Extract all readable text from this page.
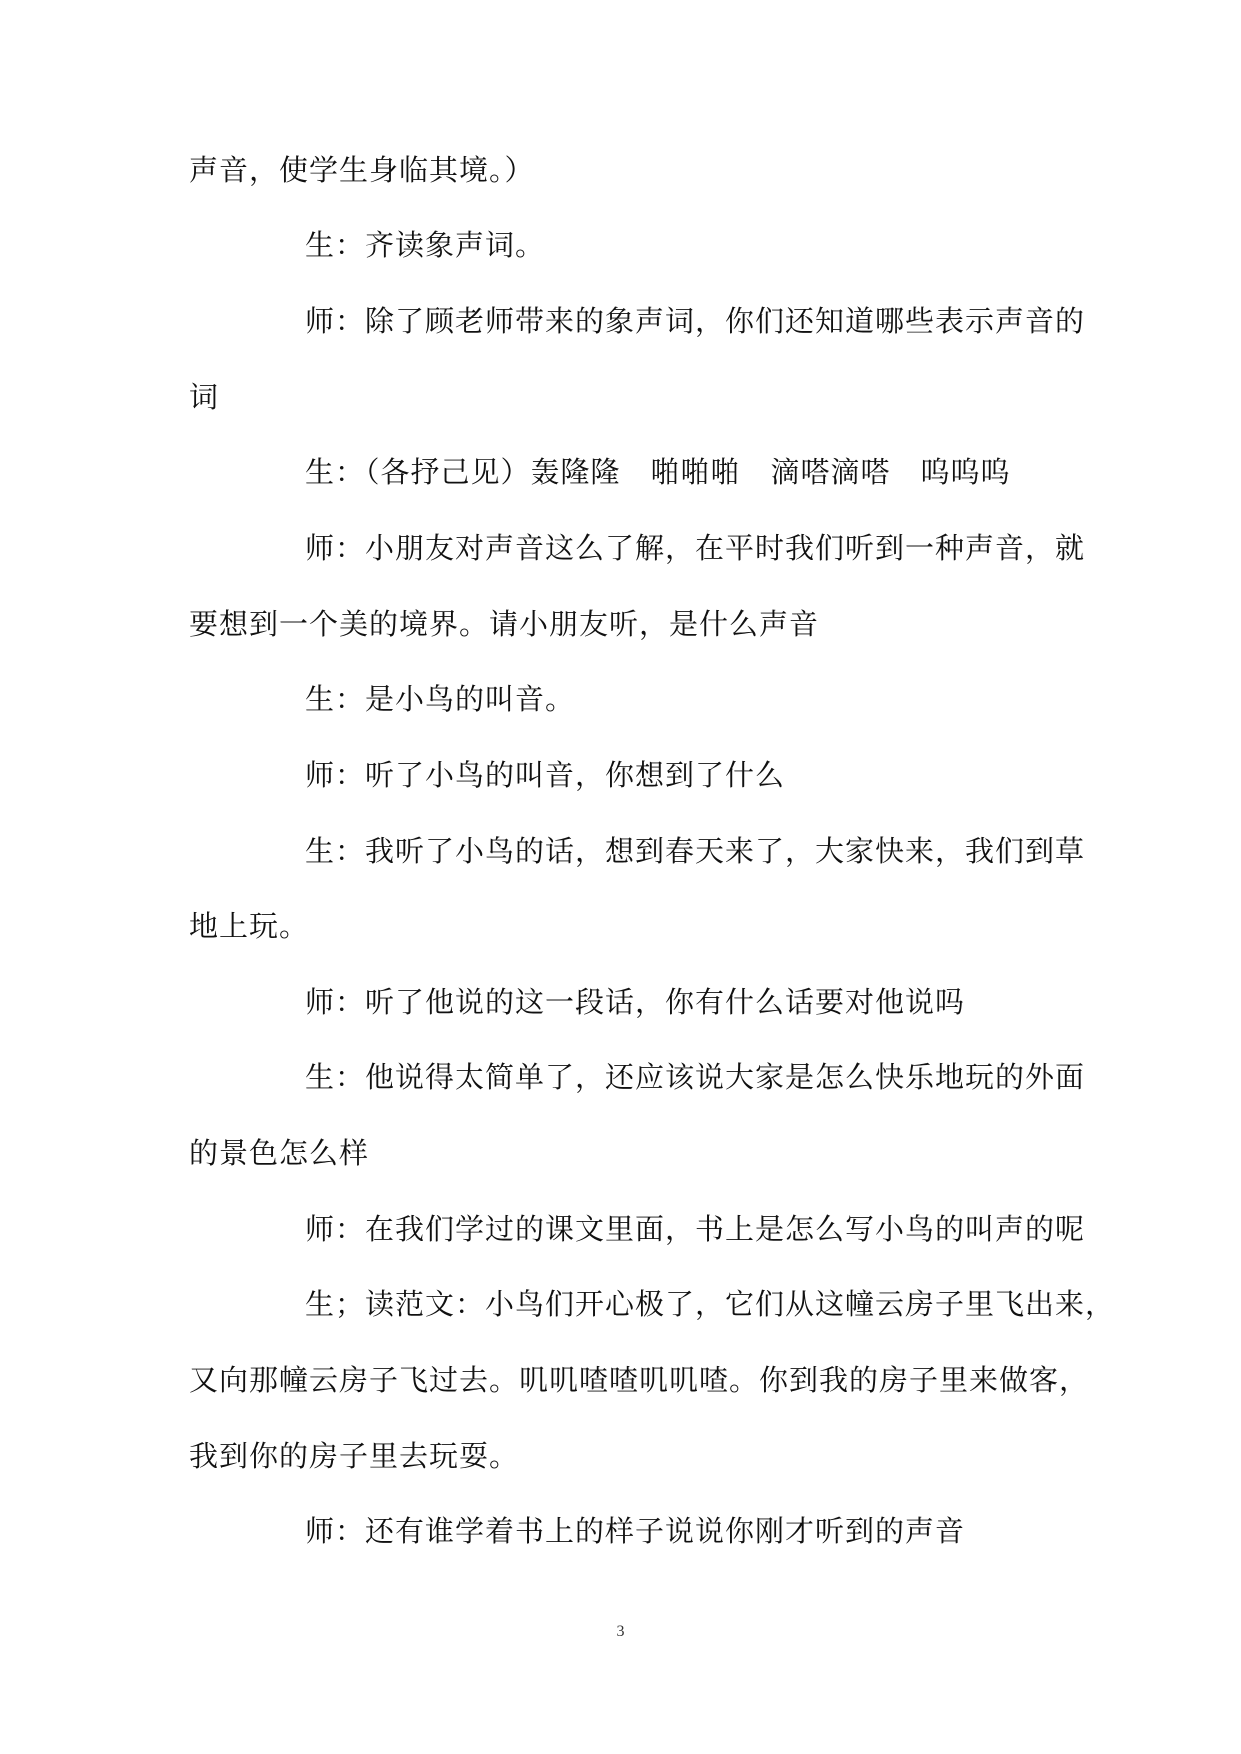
声音，使学生身临其境。）
生：齐读象声词。
师：除了顾老师带来的象声词，你们还知道哪些表示声音的
词
生：（各抒己见）轰隆隆　啪啪啪　滴嗒滴嗒　呜呜呜
师：小朋友对声音这么了解，在平时我们听到一种声音，就
要想到一个美的境界。请小朋友听，是什么声音
生：是小鸟的叫音。
师：听了小鸟的叫音，你想到了什么
生：我听了小鸟的话，想到春天来了，大家快来，我们到草
地上玩。
师：听了他说的这一段话，你有什么话要对他说吗
生：他说得太简单了，还应该说大家是怎么快乐地玩的外面
的景色怎么样
师：在我们学过的课文里面，书上是怎么写小鸟的叫声的呢
生；读范文：小鸟们开心极了，它们从这幢云房子里飞出来，
又向那幢云房子飞过去。叽叽喳喳叽叽喳。你到我的房子里来做客，
我到你的房子里去玩耍。
师：还有谁学着书上的样子说说你刚才听到的声音
3
